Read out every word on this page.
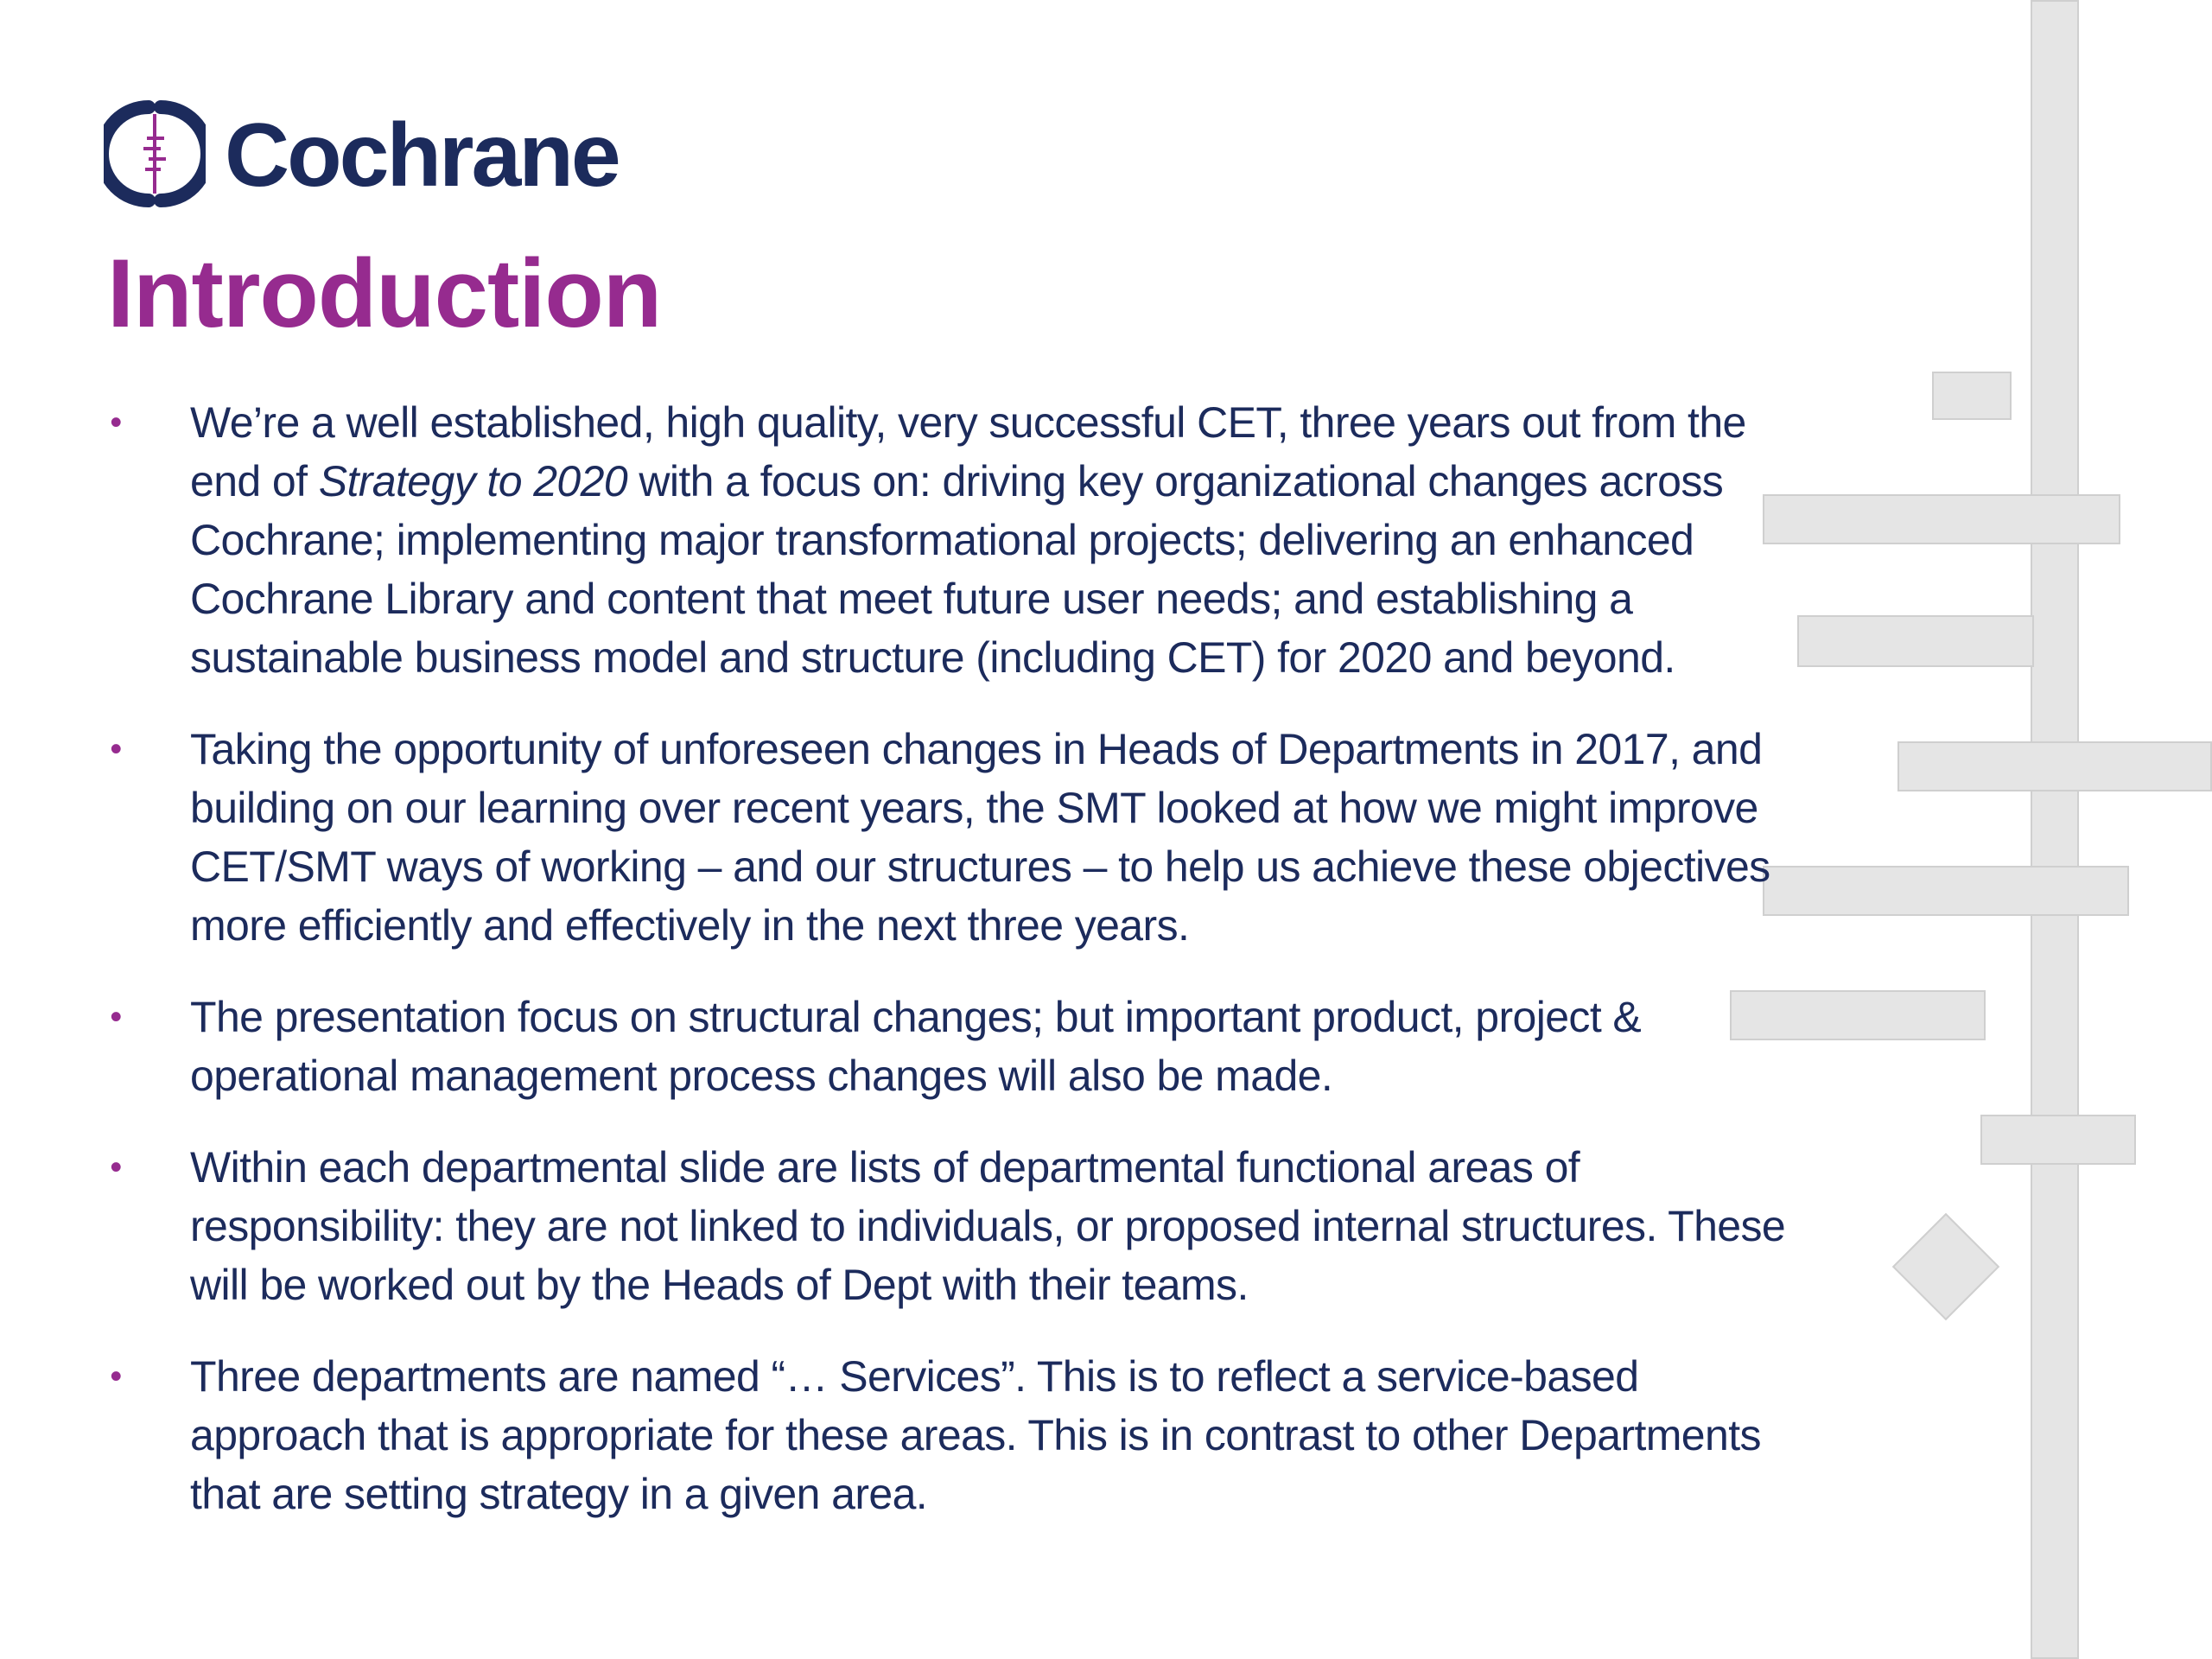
Cochrane
Introduction
• We’re a well established, high quality, very successful CET, three years out from the end of Strategy to 2020 with a focus on: driving key organizational changes across Cochrane; implementing major transformational projects; delivering an enhanced Cochrane Library and content that meet future user needs; and establishing a sustainable business model and structure (including CET) for 2020 and beyond.
• Taking the opportunity of unforeseen changes in Heads of Departments in 2017, and building on our learning over recent years, the SMT looked at how we might improve CET/SMT ways of working – and our structures – to help us achieve these objectives more efficiently and effectively in the next three years.
• The presentation focus on structural changes; but important product, project & operational management process changes will also be made.
• Within each departmental slide are lists of departmental functional areas of responsibility: they are not linked to individuals, or proposed internal structures. These will be worked out by the Heads of Dept with their teams.
• Three departments are named “… Services”. This is to reflect a service-based approach that is appropriate for these areas. This is in contrast to other Departments that are setting strategy in a given area.
